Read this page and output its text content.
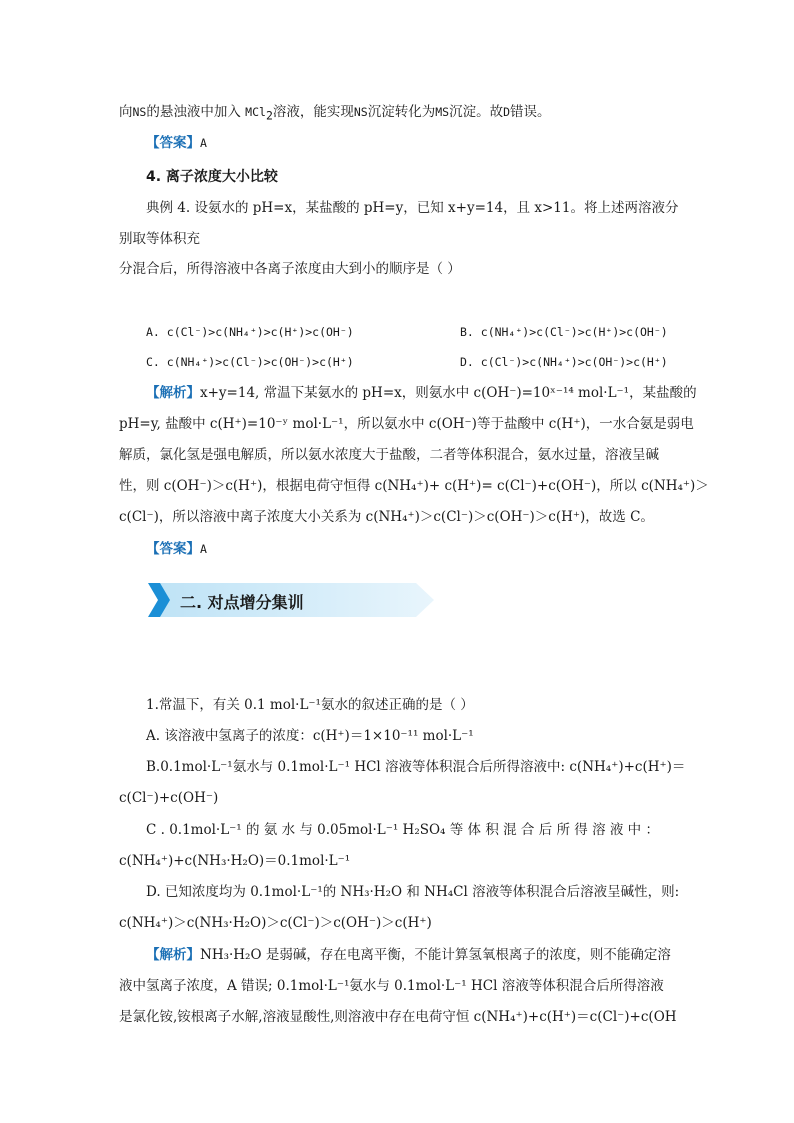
向NS的悬浊液中加入 MCl$_2$溶液，能实现NS沉淀转化为MS沉淀。故D错误。
【答案】A
4. 离子浓度大小比较
典例 4. 设氨水的 pH=x，某盐酸的 pH=y，已知 x+y=14，且 x>11。将上述两溶液分
别取等体积充
分混合后，所得溶液中各离子浓度由大到小的顺序是（ ）
A. c(Cl⁻)>c(NH₄⁺)>c(H⁺)>c(OH⁻)	B. c(NH₄⁺)>c(Cl⁻)>c(H⁺)>c(OH⁻)
C. c(NH₄⁺)>c(Cl⁻)>c(OH⁻)>c(H⁺)	D. c(Cl⁻)>c(NH₄⁺)>c(OH⁻)>c(H⁺)
【解析】x+y=14, 常温下某氨水的 pH=x，则氨水中 c(OH⁻)=10ˣ⁻¹⁴ mol·L⁻¹，某盐酸的
pH=y, 盐酸中 c(H⁺)=10⁻ʸ mol·L⁻¹，所以氨水中 c(OH⁻)等于盐酸中 c(H⁺)，一水合氨是弱电
解质，氯化氢是强电解质，所以氨水浓度大于盐酸，二者等体积混合，氨水过量，溶液呈碱
性，则 c(OH⁻)＞c(H⁺)，根据电荷守恒得 c(NH₄⁺)+ c(H⁺)= c(Cl⁻)+c(OH⁻)，所以 c(NH₄⁺)＞
c(Cl⁻)，所以溶液中离子浓度大小关系为 c(NH₄⁺)＞c(Cl⁻)＞c(OH⁻)＞c(H⁺)，故选 C。
【答案】A
二. 对点增分集训
1.常温下，有关 0.1 mol·L⁻¹氨水的叙述正确的是（ ）
A. 该溶液中氢离子的浓度：c(H⁺)＝1×10⁻¹¹ mol·L⁻¹
B.0.1mol·L⁻¹氨水与 0.1mol·L⁻¹ HCl 溶液等体积混合后所得溶液中: c(NH₄⁺)+c(H⁺)＝
c(Cl⁻)+c(OH⁻)
C . 0.1mol·L⁻¹ 的 氨 水 与 0.05mol·L⁻¹ H₂SO₄ 等 体 积 混 合 后 所 得 溶 液 中 ：
c(NH₄⁺)+c(NH₃·H₂O)＝0.1mol·L⁻¹
D. 已知浓度均为 0.1mol·L⁻¹的 NH₃·H₂O 和 NH₄Cl 溶液等体积混合后溶液呈碱性，则:
c(NH₄⁺)＞c(NH₃·H₂O)＞c(Cl⁻)＞c(OH⁻)＞c(H⁺)
【解析】NH₃·H₂O 是弱碱，存在电离平衡，不能计算氢氧根离子的浓度，则不能确定溶
液中氢离子浓度，A 错误; 0.1mol·L⁻¹氨水与 0.1mol·L⁻¹ HCl 溶液等体积混合后所得溶液
是氯化铵,铵根离子水解,溶液显酸性,则溶液中存在电荷守恒 c(NH₄⁺)+c(H⁺)＝c(Cl⁻)+c(OH
